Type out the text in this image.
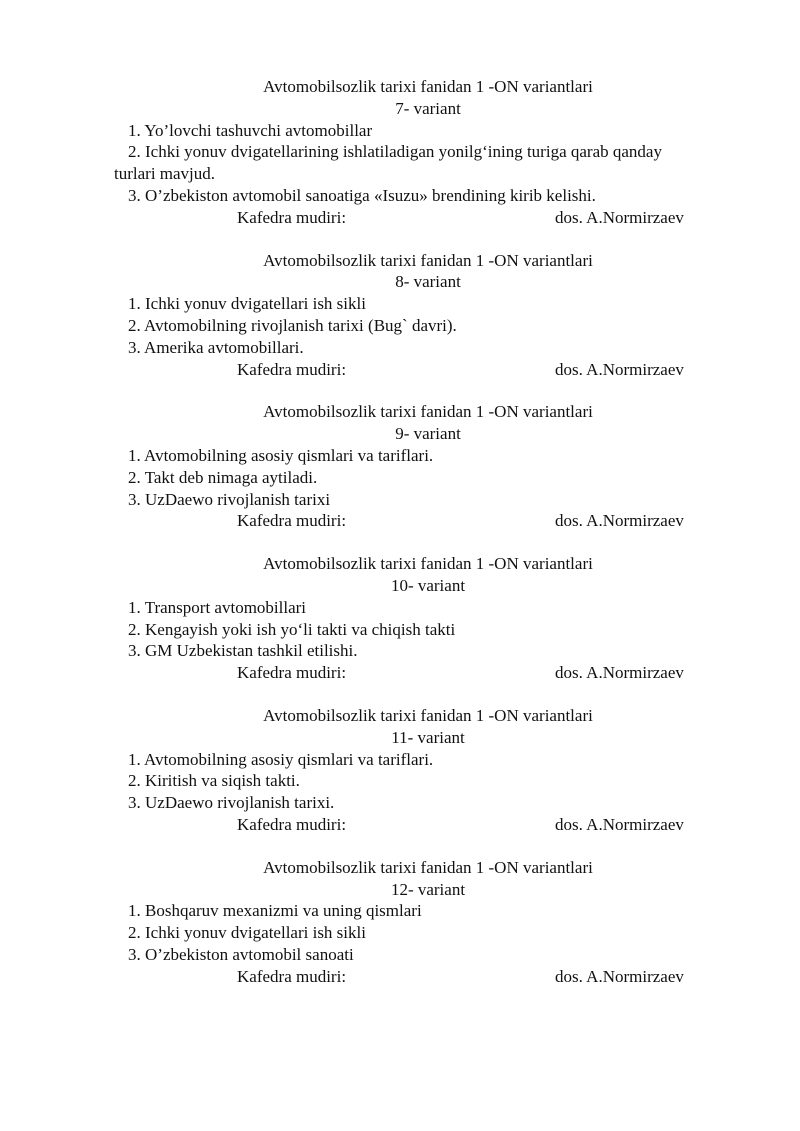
Avtomobilsozlik tarixi fanidan 1 -ON variantlari
7- variant
1. Yo’lovchi tashuvchi avtomobillar
2. Ichki yonuv dvigatellarining ishlatiladigan yonilg‘ining turiga qarab qanday
turlari mavjud.
3. O’zbekiston avtomobil sanoatiga «Isuzu» brendining kirib kelishi.
Kafedra mudiri:	dos. A.Normirzaev
Avtomobilsozlik tarixi fanidan 1 -ON variantlari
8- variant
1. Ichki yonuv dvigatellari ish sikli
2. Avtomobilning rivojlanish tarixi (Bug` davri).
3. Amerika avtomobillari.
Kafedra mudiri:	dos. A.Normirzaev
Avtomobilsozlik tarixi fanidan 1 -ON variantlari
9- variant
1. Avtomobilning asosiy qismlari va tariflari.
2. Takt deb nimaga aytiladi.
3. UzDaewo rivojlanish tarixi
Kafedra mudiri:	dos. A.Normirzaev
Avtomobilsozlik tarixi fanidan 1 -ON variantlari
10- variant
1. Transport avtomobillari
2. Kengayish yoki ish yo‘li takti va chiqish takti
3. GM Uzbekistan tashkil etilishi.
Kafedra mudiri:	dos. A.Normirzaev
Avtomobilsozlik tarixi fanidan 1 -ON variantlari
11- variant
1. Avtomobilning asosiy qismlari va tariflari.
2. Kiritish va siqish takti.
3. UzDaewo rivojlanish tarixi.
Kafedra mudiri:	dos. A.Normirzaev
Avtomobilsozlik tarixi fanidan 1 -ON variantlari
12- variant
1. Boshqaruv mexanizmi va uning qismlari
2. Ichki yonuv dvigatellari ish sikli
3. O’zbekiston avtomobil sanoati
Kafedra mudiri:	dos. A.Normirzaev
